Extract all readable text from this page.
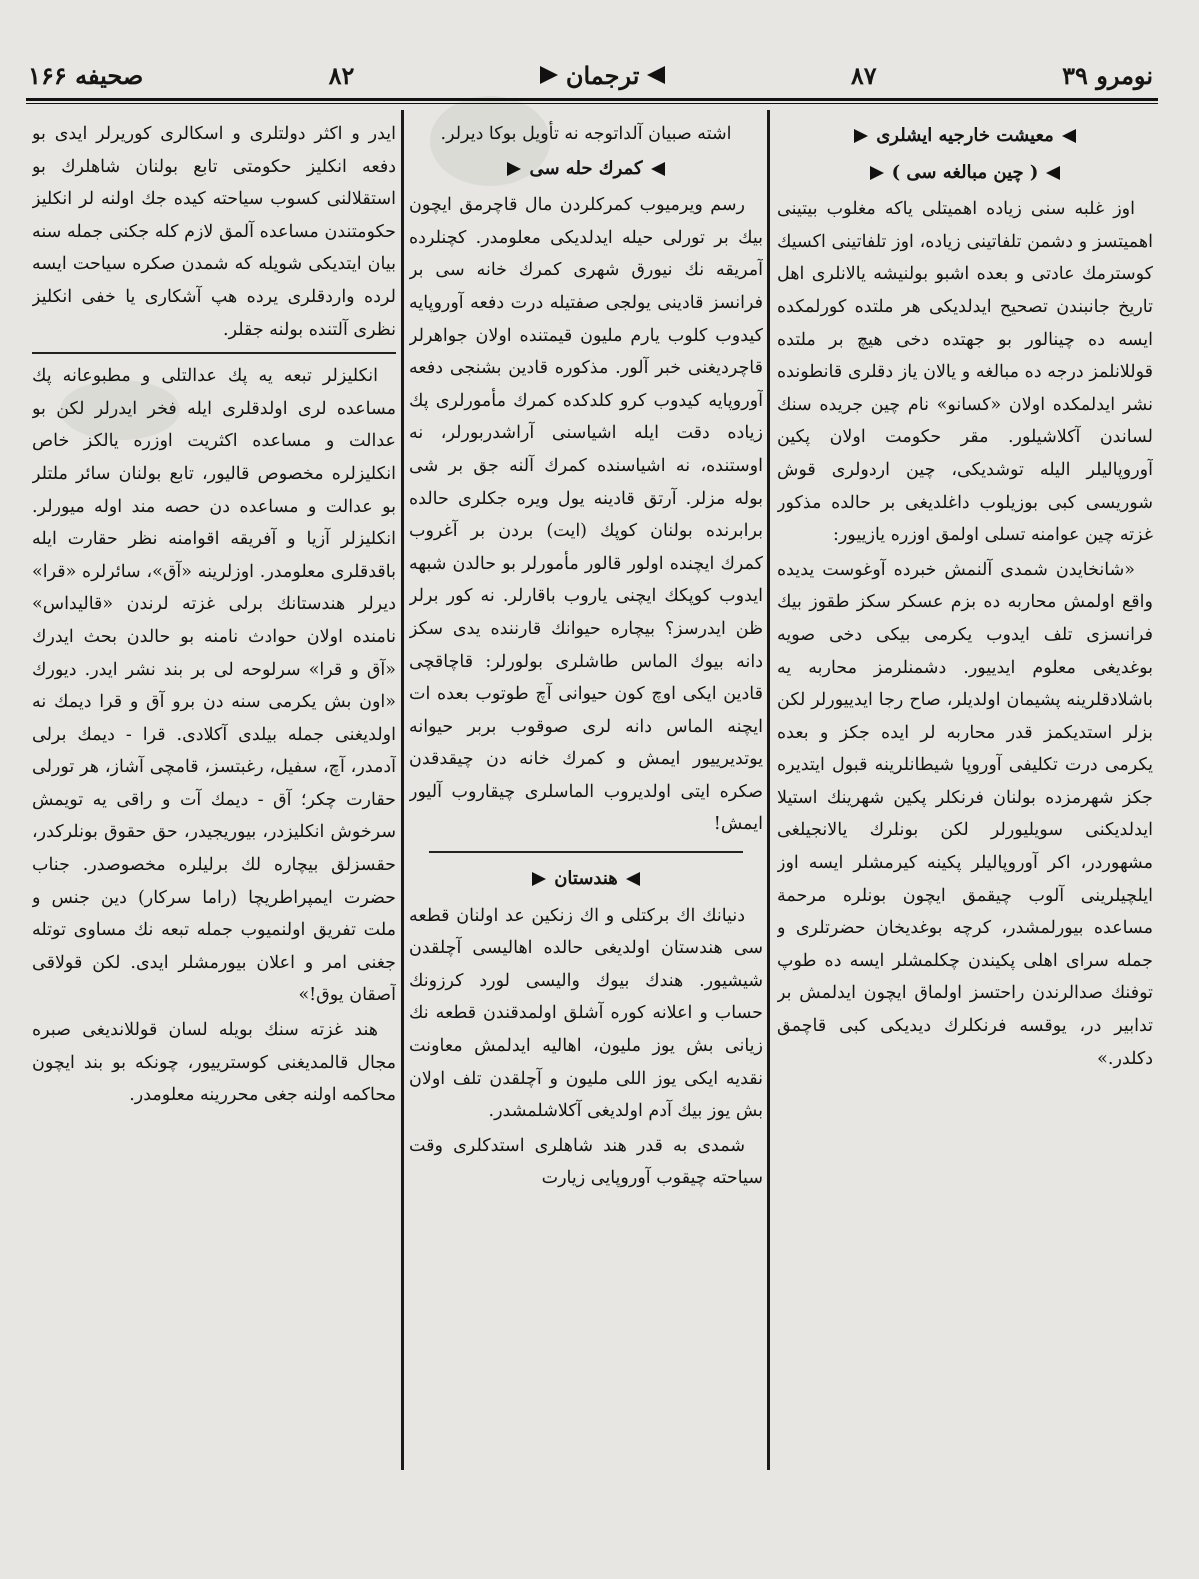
نومرو ۳۹
۸۷
ترجمان
۸۲
صحيفه ۱۶۶
معيشت خارجيه ايشلرى
( چين مبالغه سى )

اوز غلبه سنى زياده اهميتلى ياكه مغلوب بيتينى اهميتسز و دشمن تلفاتينى زياده، اوز تلفاتينى اكسيك كوسترمك عادتى و بعده اشبو بولنيشه يالانلرى اهل تاريخ جانبندن تصحيح ايدلديكى هر ملتده كورلمكده ايسه ده چينالور بو جهتده دخى هيچ بر ملتده قوللانلمز درجه ده مبالغه و يالان ياز دقلرى قانطونده نشر ايدلمكده اولان «كسانو» نام چين جريده سنك لساندن آكلاشيلور. مقر حكومت اولان پكين آوروپاليلر اليله توشديكى، چين اردولرى قوش شوريسى كبى بوزيلوب داغلديغى بر حالده مذكور غزته چين عوامنه تسلى اولمق اوزره يازييور:

«شانخايدن شمدى آلنمش خبرده آوغوست يديده واقع اولمش محاربه ده بزم عسكر سكز طقوز بيك فرانسزى تلف ايدوب يكرمى بيكى دخى صويه بوغديغى معلوم ايدييور. دشمنلرمز محاربه يه باشلادقلرينه پشيمان اولديلر، صاح رجا ايدييورلر لكن بزلر استديكمز قدر محاربه لر ايده جكز و بعده يكرمى درت تكليفى آوروپا شيطانلرينه قبول ايتديره جكز شهرمزده بولنان فرنكلر پكين شهرينك استيلا ايدلديكنى سويليورلر لكن بونلرك يالانجيلغى مشهوردر، اكر آوروپاليلر پكينه كيرمشلر ايسه اوز ايلچيلرينى آلوب چيقمق ايچون بونلره مرحمة مساعده بيورلمشدر، كرچه بوغديخان حضرتلرى و جمله سراى اهلى پكيندن چكلمشلر ايسه ده طوپ توفنك صدالرندن راحتسز اولماق ايچون ايدلمش بر تدابير در، يوقسه فرنكلرك ديديكى كبى قاچمق دكلدر.»

اشته صبيان آلداتوجه نه تأويل بوكا ديرلر.

كمرك حله سى

رسم ويرميوب كمركلردن مال قاچرمق ايچون بيك بر تورلى حيله ايدلديكى معلومدر. كچنلرده آمريقه نك نيورق شهرى كمرك خانه سى بر فرانسز قادينى يولجى صفتيله درت دفعه آوروپايه كيدوب كلوب يارم مليون قيمتنده اولان جواهرلر قاچرديغنى خبر آلور. مذكوره قادين بشنجى دفعه آوروپايه كيدوب كرو كلدكده كمرك مأمورلرى پك زياده دقت ايله اشياسنى آراشدربورلر، نه اوستنده، نه اشياسنده كمرك آلنه جق بر شى بوله مزلر. آرتق قادينه يول ويره جكلرى حالده برابرنده بولنان كوپك (ايت) بردن بر آغروب كمرك ايچنده اولور قالور مأمورلر بو حالدن شبهه ايدوب كوپكك ايچنى ياروب باقارلر. نه كور برلر ظن ايدرسز؟ بيچاره حيوانك قارننده يدى سكز دانه بيوك الماس طاشلرى بولورلر: قاچاقچى قادين ايكى اوچ كون حيوانى آچ طوتوب بعده ات ايچنه الماس دانه لرى صوقوب بربر حيوانه يوتديرييور ايمش و كمرك خانه دن چيقدقدن صكره ايتى اولديروب الماسلرى چيقاروب آليور ايمش!

هندستان

دنيانك اك بركتلى و اك زنكين عد اولنان قطعه سى هندستان اولديغى حالده اهاليسى آچلقدن شيشيور. هندك بيوك واليسى لورد كرزونك حساب و اعلانه كوره آشلق اولمدقندن قطعه نك زيانى بش يوز مليون، اهاليه ايدلمش معاونت نقديه ايكى يوز اللى مليون و آچلقدن تلف اولان بش يوز بيك آدم اولديغى آكلاشلمشدر.

شمدى به قدر هند شاهلرى استدكلرى وقت سياحته چيقوب آوروپايى زيارت

ايدر و اكثر دولتلرى و اسكالرى كوريرلر ايدى بو دفعه انكليز حكومتى تابع بولنان شاهلرك بو استقلالنى كسوب سياحته كيده جك اولنه لر انكليز حكومتندن مساعده آلمق لازم كله جكنى جمله سنه بيان ايتديكى شويله كه شمدن صكره سياحت ايسه لرده واردقلرى يرده هپ آشكارى يا خفى انكليز نظرى آلتنده بولنه جقلر.

انكليزلر تبعه يه پك عدالتلى و مطبوعانه پك مساعده لرى اولدقلرى ايله فخر ايدرلر لكن بو عدالت و مساعده اكثريت اوزره يالكز خاص انكليزلره مخصوص قاليور، تابع بولنان سائر ملتلر بو عدالت و مساعده دن حصه مند اوله ميورلر. انكليزلر آزيا و آفريقه اقوامنه نظر حقارت ايله باقدقلرى معلومدر. اوزلرينه «آق»، سائرلره «قرا» ديرلر هندستانك برلى غزته لرندن «قاليداس» نامنده اولان حوادث نامنه بو حالدن بحث ايدرك «آق و قرا» سرلوحه لى بر بند نشر ايدر. ديورك «اون بش يكرمى سنه دن برو آق و قرا ديمك نه اولديغنى جمله بيلدى آكلادى. قرا - ديمك برلى آدمدر، آچ، سفيل، رغبتسز، قامچى آشاز، هر تورلى حقارت چكر؛ آق - ديمك آت و راقى يه تويمش سرخوش انكليزدر، بيوريجيدر، حق حقوق بونلركدر، حقسزلق بيچاره لك برليلره مخصوصدر. جناب حضرت ايمپراطريچا (راما سركار) دين جنس و ملت تفريق اولنميوب جمله تبعه نك مساوى توتله جغنى امر و اعلان بيورمشلر ايدى. لكن قولاقى آصقان يوق!»

هند غزته سنك بويله لسان قوللانديغى صبره مجال قالمديغنى كوسترييور، چونكه بو بند ايچون محاكمه اولنه جغى محررينه معلومدر.
